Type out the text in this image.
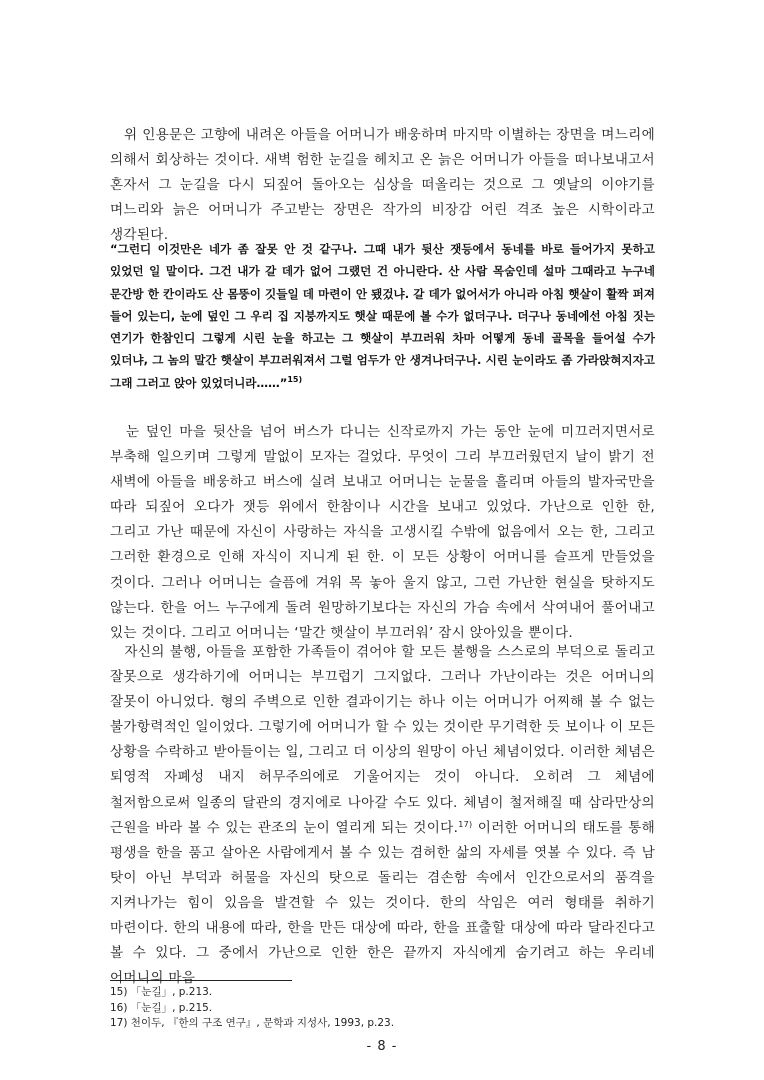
　위 인용문은 고향에 내려온 아들을 어머니가 배웅하며 마지막 이별하는 장면을 며느리에 의해서 회상하는 것이다. 새벽 험한 눈길을 헤치고 온 늙은 어머니가 아들을 떠나보내고서 혼자서 그 눈길을 다시 되짚어 돌아오는 심상을 떠올리는 것으로 그 옛날의 이야기를 며느리와 늙은 어머니가 주고받는 장면은 작가의 비장감 어린 격조 높은 시학이라고 생각된다.

“그런디 이것만은 네가 좀 잘못 안 것 같구나. 그때 내가 뒷산 잿등에서 동네를 바로 들어가지 못하고 있었던 일 말이다. 그건 내가 갈 데가 없어 그랬던 건 아니란다. 산 사람 목숨인데 설마 그때라고 누구네 문간방 한 칸이라도 산 몸뚱이 깃들일 데 마련이 안 됐겄냐. 갈 데가 없어서가 아니라 아침 햇살이 활짝 퍼져 들어 있는디, 눈에 덮인 그 우리 집 지붕까지도 햇살 때문에 볼 수가 없더구나. 더구나 동네에선 아침 짓는 연기가 한참인디 그렇게 시린 눈을 하고는 그 햇살이 부끄러워 차마 어떻게 동네 골목을 들어설 수가 있더냐, 그 놈의 말간 햇살이 부끄러워져서 그럴 엄두가 안 생겨나더구나. 시린 눈이라도 좀 가라앉혀지자고 그래 그러고 앉아 있었더니라……”$^{15)}$

　눈 덮인 마을 뒷산을 넘어 버스가 다니는 신작로까지 가는 동안 눈에 미끄러지면서로 부축해 일으키며 그렇게 말없이 모자는 걸었다. 무엇이 그리 부끄러웠던지 날이 밝기 전 새벽에 아들을 배웅하고 버스에 실려 보내고 어머니는 눈물을 흘리며 아들의 발자국만을 따라 되짚어 오다가 잿등 위에서 한참이나 시간을 보내고 있었다. 가난으로 인한 한, 그리고 가난 때문에 자신이 사랑하는 자식을 고생시킬 수밖에 없음에서 오는 한, 그리고 그러한 환경으로 인해 자식이 지니게 된 한. 이 모든 상황이 어머니를 슬프게 만들었을 것이다. 그러나 어머니는 슬픔에 겨워 목 놓아 울지 않고, 그런 가난한 현실을 탓하지도 않는다. 한을 어느 누구에게 돌려 원망하기보다는 자신의 가슴 속에서 삭여내어 풀어내고 있는 것이다. 그리고 어머니는 ‘말간 햇살이 부끄러워’ 잠시 앉아있을 뿐이다.

　자신의 불행, 아들을 포함한 가족들이 겪어야 할 모든 불행을 스스로의 부덕으로 돌리고 잘못으로 생각하기에 어머니는 부끄럽기 그지없다. 그러나 가난이라는 것은 어머니의 잘못이 아니었다. 형의 주벽으로 인한 결과이기는 하나 이는 어머니가 어찌해 볼 수 없는 불가항력적인 일이었다. 그렇기에 어머니가 할 수 있는 것이란 무기력한 듯 보이나 이 모든 상황을 수락하고 받아들이는 일, 그리고 더 이상의 원망이 아닌 체념이었다. 이러한 체념은 퇴영적 자폐성 내지 허무주의에로 기울어지는 것이 아니다. 오히려 그 체념에 철저함으로써 일종의 달관의 경지에로 나아갈 수도 있다. 체념이 철저해질 때 삼라만상의 근원을 바라 볼 수 있는 관조의 눈이 열리게 되는 것이다.$^{17)}$ 이러한 어머니의 태도를 통해 평생을 한을 품고 살아온 사람에게서 볼 수 있는 겸허한 삶의 자세를 엿볼 수 있다. 즉 남 탓이 아닌 부덕과 허물을 자신의 탓으로 돌리는 겸손함 속에서 인간으로서의 품격을 지켜나가는 힘이 있음을 발견할 수 있는 것이다. 한의 삭임은 여러 형태를 취하기 마련이다. 한의 내용에 따라, 한을 만든 대상에 따라, 한을 표출할 대상에 따라 달라진다고 볼 수 있다. 그 중에서 가난으로 인한 한은 끝까지 자식에게 숨기려고 하는 우리네 어머니의 마음

15) 「눈길」, p.213.
16) 「눈길」, p.215.
17) 천이두, 『한의 구조 연구』, 문학과 지성사, 1993, p.23.
- 8 -
